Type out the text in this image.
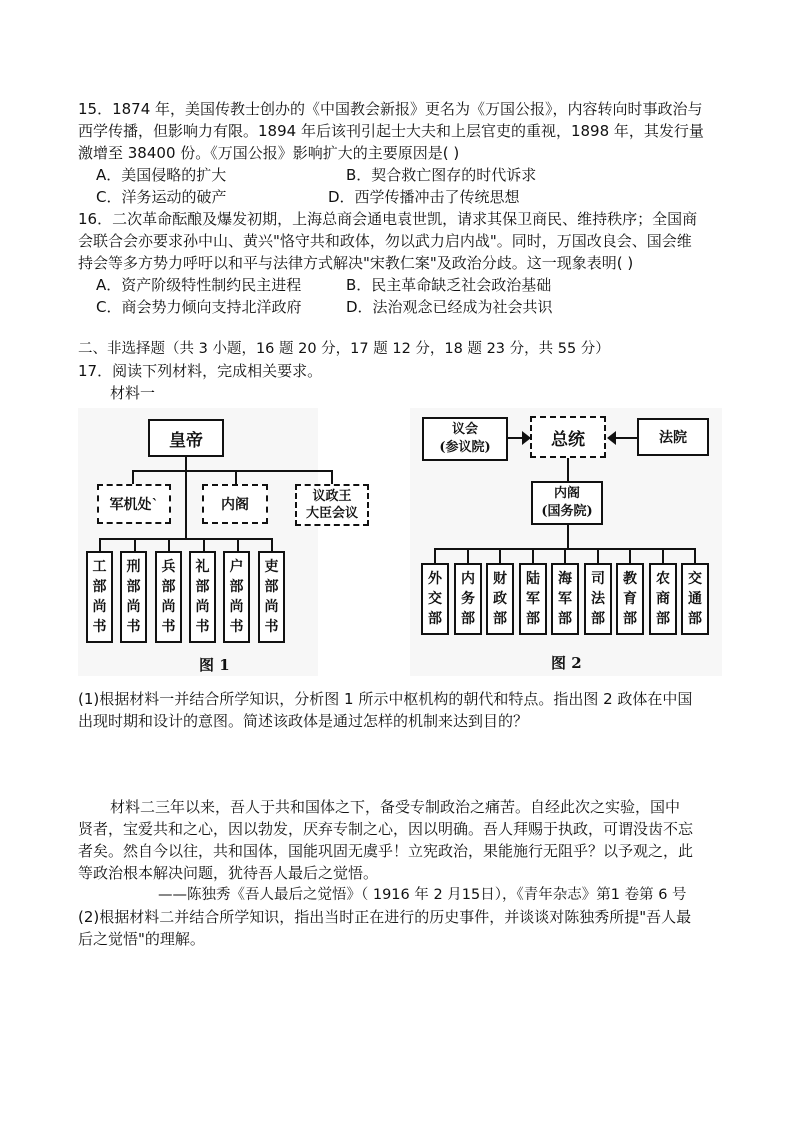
15．1874 年，美国传教士创办的《中国教会新报》更名为《万国公报》，内容转向时事政治与
西学传播，但影响力有限。1894 年后该刊引起士大夫和上层官吏的重视，1898 年，其发行量
激增至 38400 份。《万国公报》影响扩大的主要原因是( )
A．美国侵略的扩大	B．契合救亡图存的时代诉求
C．洋务运动的破产	D．西学传播冲击了传统思想
16．二次革命酝酿及爆发初期，上海总商会通电袁世凯，请求其保卫商民、维持秩序；全国商
会联合会亦要求孙中山、黄兴"恪守共和政体，勿以武力启内战"。同时，万国改良会、国会维
持会等多方势力呼吁以和平与法律方式解决"宋教仁案"及政治分歧。这一现象表明( )
A．资产阶级特性制约民主进程	B．民主革命缺乏社会政治基础
C．商会势力倾向支持北洋政府	D．法治观念已经成为社会共识
二、非选择题（共 3 小题，16 题 20 分，17 题 12 分，18 题 23 分，共 55 分）
17．阅读下列材料，完成相关要求。
材料一
皇帝
军机处`	内阁
议政王
大臣会议
工部尚书
刑部尚书
兵部尚书
礼部尚书
户部尚书
吏部尚书
图 1
议会
(参议院)	总统	法院
内阁
(国务院)
外交部
内务部
财政部
陆军部
海军部
司法部
教育部
农商部
交通部
图 2
(1)根据材料一并结合所学知识，分析图 1 所示中枢机构的朝代和特点。指出图 2 政体在中国
出现时期和设计的意图。简述该政体是通过怎样的机制来达到目的？
材料二三年以来，吾人于共和国体之下，备受专制政治之痛苦。自经此次之实验，国中
贤者，宝爱共和之心，因以勃发，厌弃专制之心，因以明确。吾人拜赐于执政，可谓没齿不忘
者矣。然自今以往，共和国体，国能巩固无虞乎！立宪政治，果能施行无阻乎？以予观之，此
等政治根本解决问题，犹待吾人最后之觉悟。
——陈独秀《吾人最后之觉悟》（ 1916 年 2 月15日），《青年杂志》第1 卷第 6 号
(2)根据材料二并结合所学知识，指出当时正在进行的历史事件，并谈谈对陈独秀所提"吾人最
后之觉悟"的理解。
